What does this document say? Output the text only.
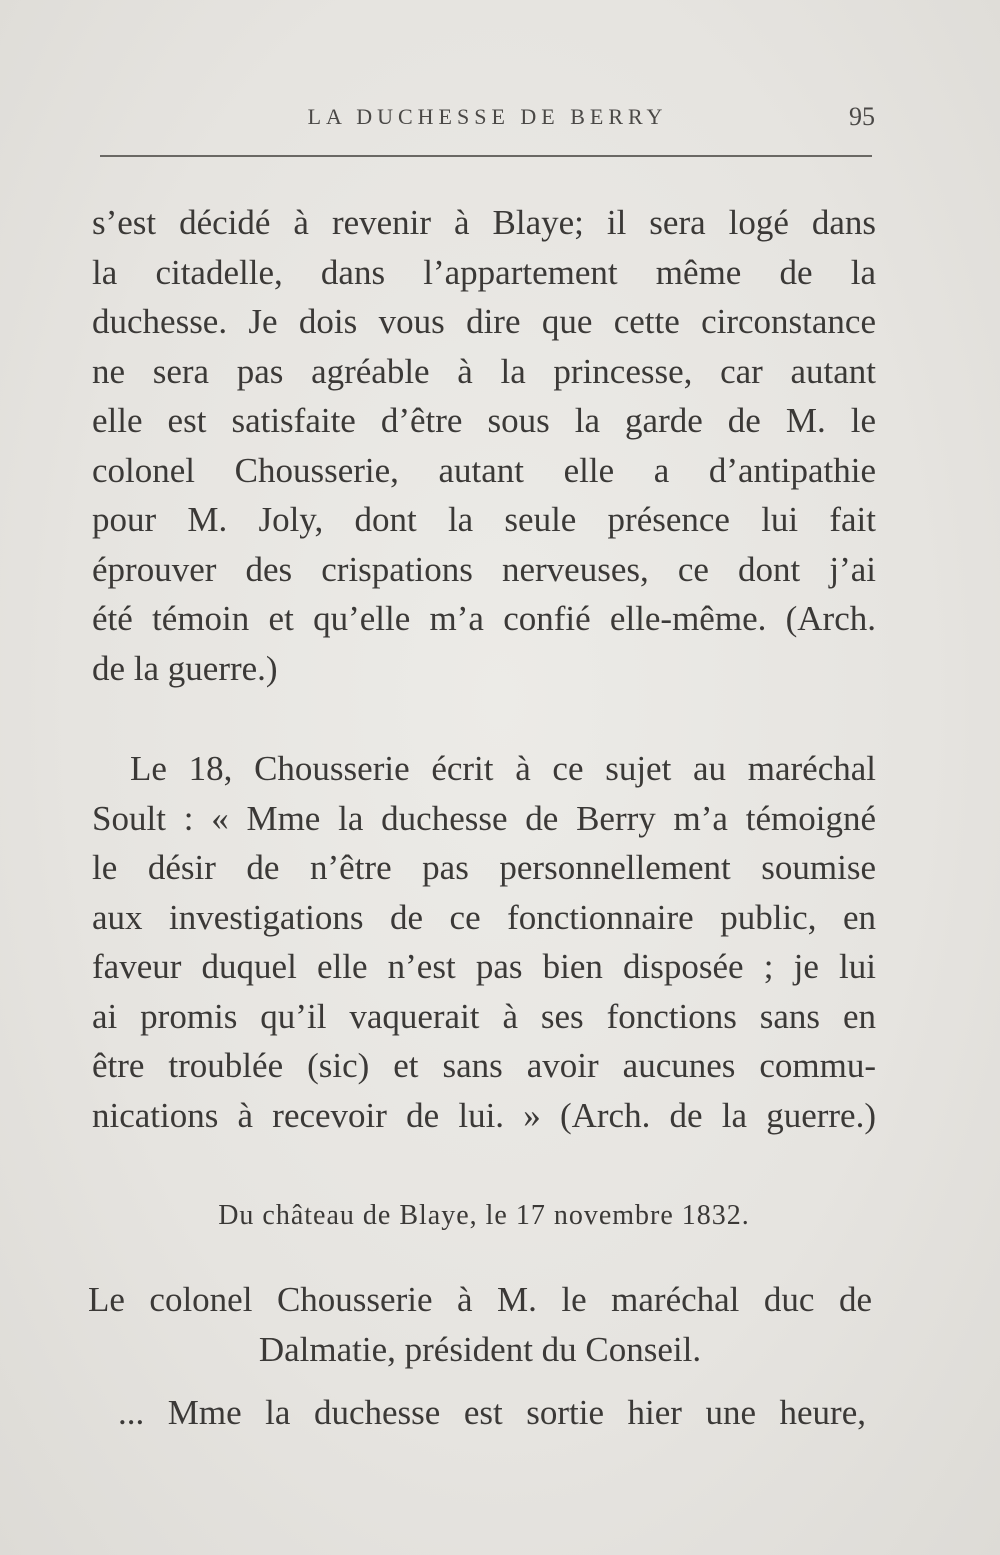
LA DUCHESSE DE BERRY	95
s’est décidé à revenir à Blaye; il sera logé dans
la citadelle, dans l’appartement même de la
duchesse. Je dois vous dire que cette circonstance
ne sera pas agréable à la princesse, car autant
elle est satisfaite d’être sous la garde de M. le
colonel Chousserie, autant elle a d’antipathie
pour M. Joly, dont la seule présence lui fait
éprouver des crispations nerveuses, ce dont j’ai
été témoin et qu’elle m’a confié elle-même. (Arch.
de la guerre.)
Le 18, Chousserie écrit à ce sujet au maréchal
Soult : « Mme la duchesse de Berry m’a témoigné
le désir de n’être pas personnellement soumise
aux investigations de ce fonctionnaire public, en
faveur duquel elle n’est pas bien disposée ; je lui
ai promis qu’il vaquerait à ses fonctions sans en
être troublée (sic) et sans avoir aucunes commu-
nications à recevoir de lui. » (Arch. de la guerre.)
Du château de Blaye, le 17 novembre 1832.
Le colonel Chousserie à M. le maréchal duc de
Dalmatie, président du Conseil.
... Mme la duchesse est sortie hier une heure,
